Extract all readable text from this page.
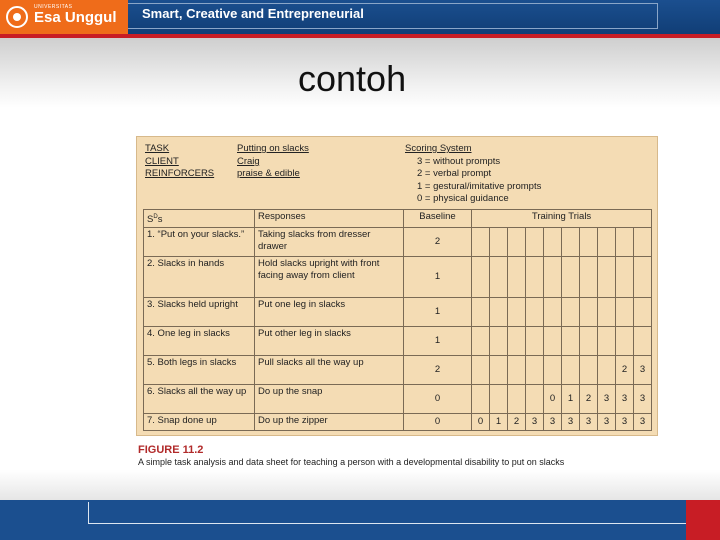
UNIVERSITAS
Esa Unggul Smart, Creative and Entrepreneurial
contoh
TASK	Putting on slacks
CLIENT	Craig
REINFORCERS praise & edible
Scoring System
3 = without prompts
2 = verbal prompt
1 = gestural/imitative prompts
0 = physical guidance
$S^Ds$	Responses	Baseline	Training Trials									
1. “Put on your slacks.”	Taking slacks from dresser drawer	2										
2. Slacks in hands	Hold slacks upright with front facing away from client	1										
3. Slacks held upright	Put one leg in slacks	1										
4. One leg in slacks	Put other leg in slacks	1										
5. Both legs in slacks	Pull slacks all the way up	2									2	3
6. Slacks all the way up	Do up the snap	0					0	1	2	3	3	3
7. Snap done up	Do up the zipper	0	0	1	2	3	3	3	3	3	3	3
FIGURE 11.2
A simple task analysis and data sheet for teaching a person with a developmental disability to put on slacks
